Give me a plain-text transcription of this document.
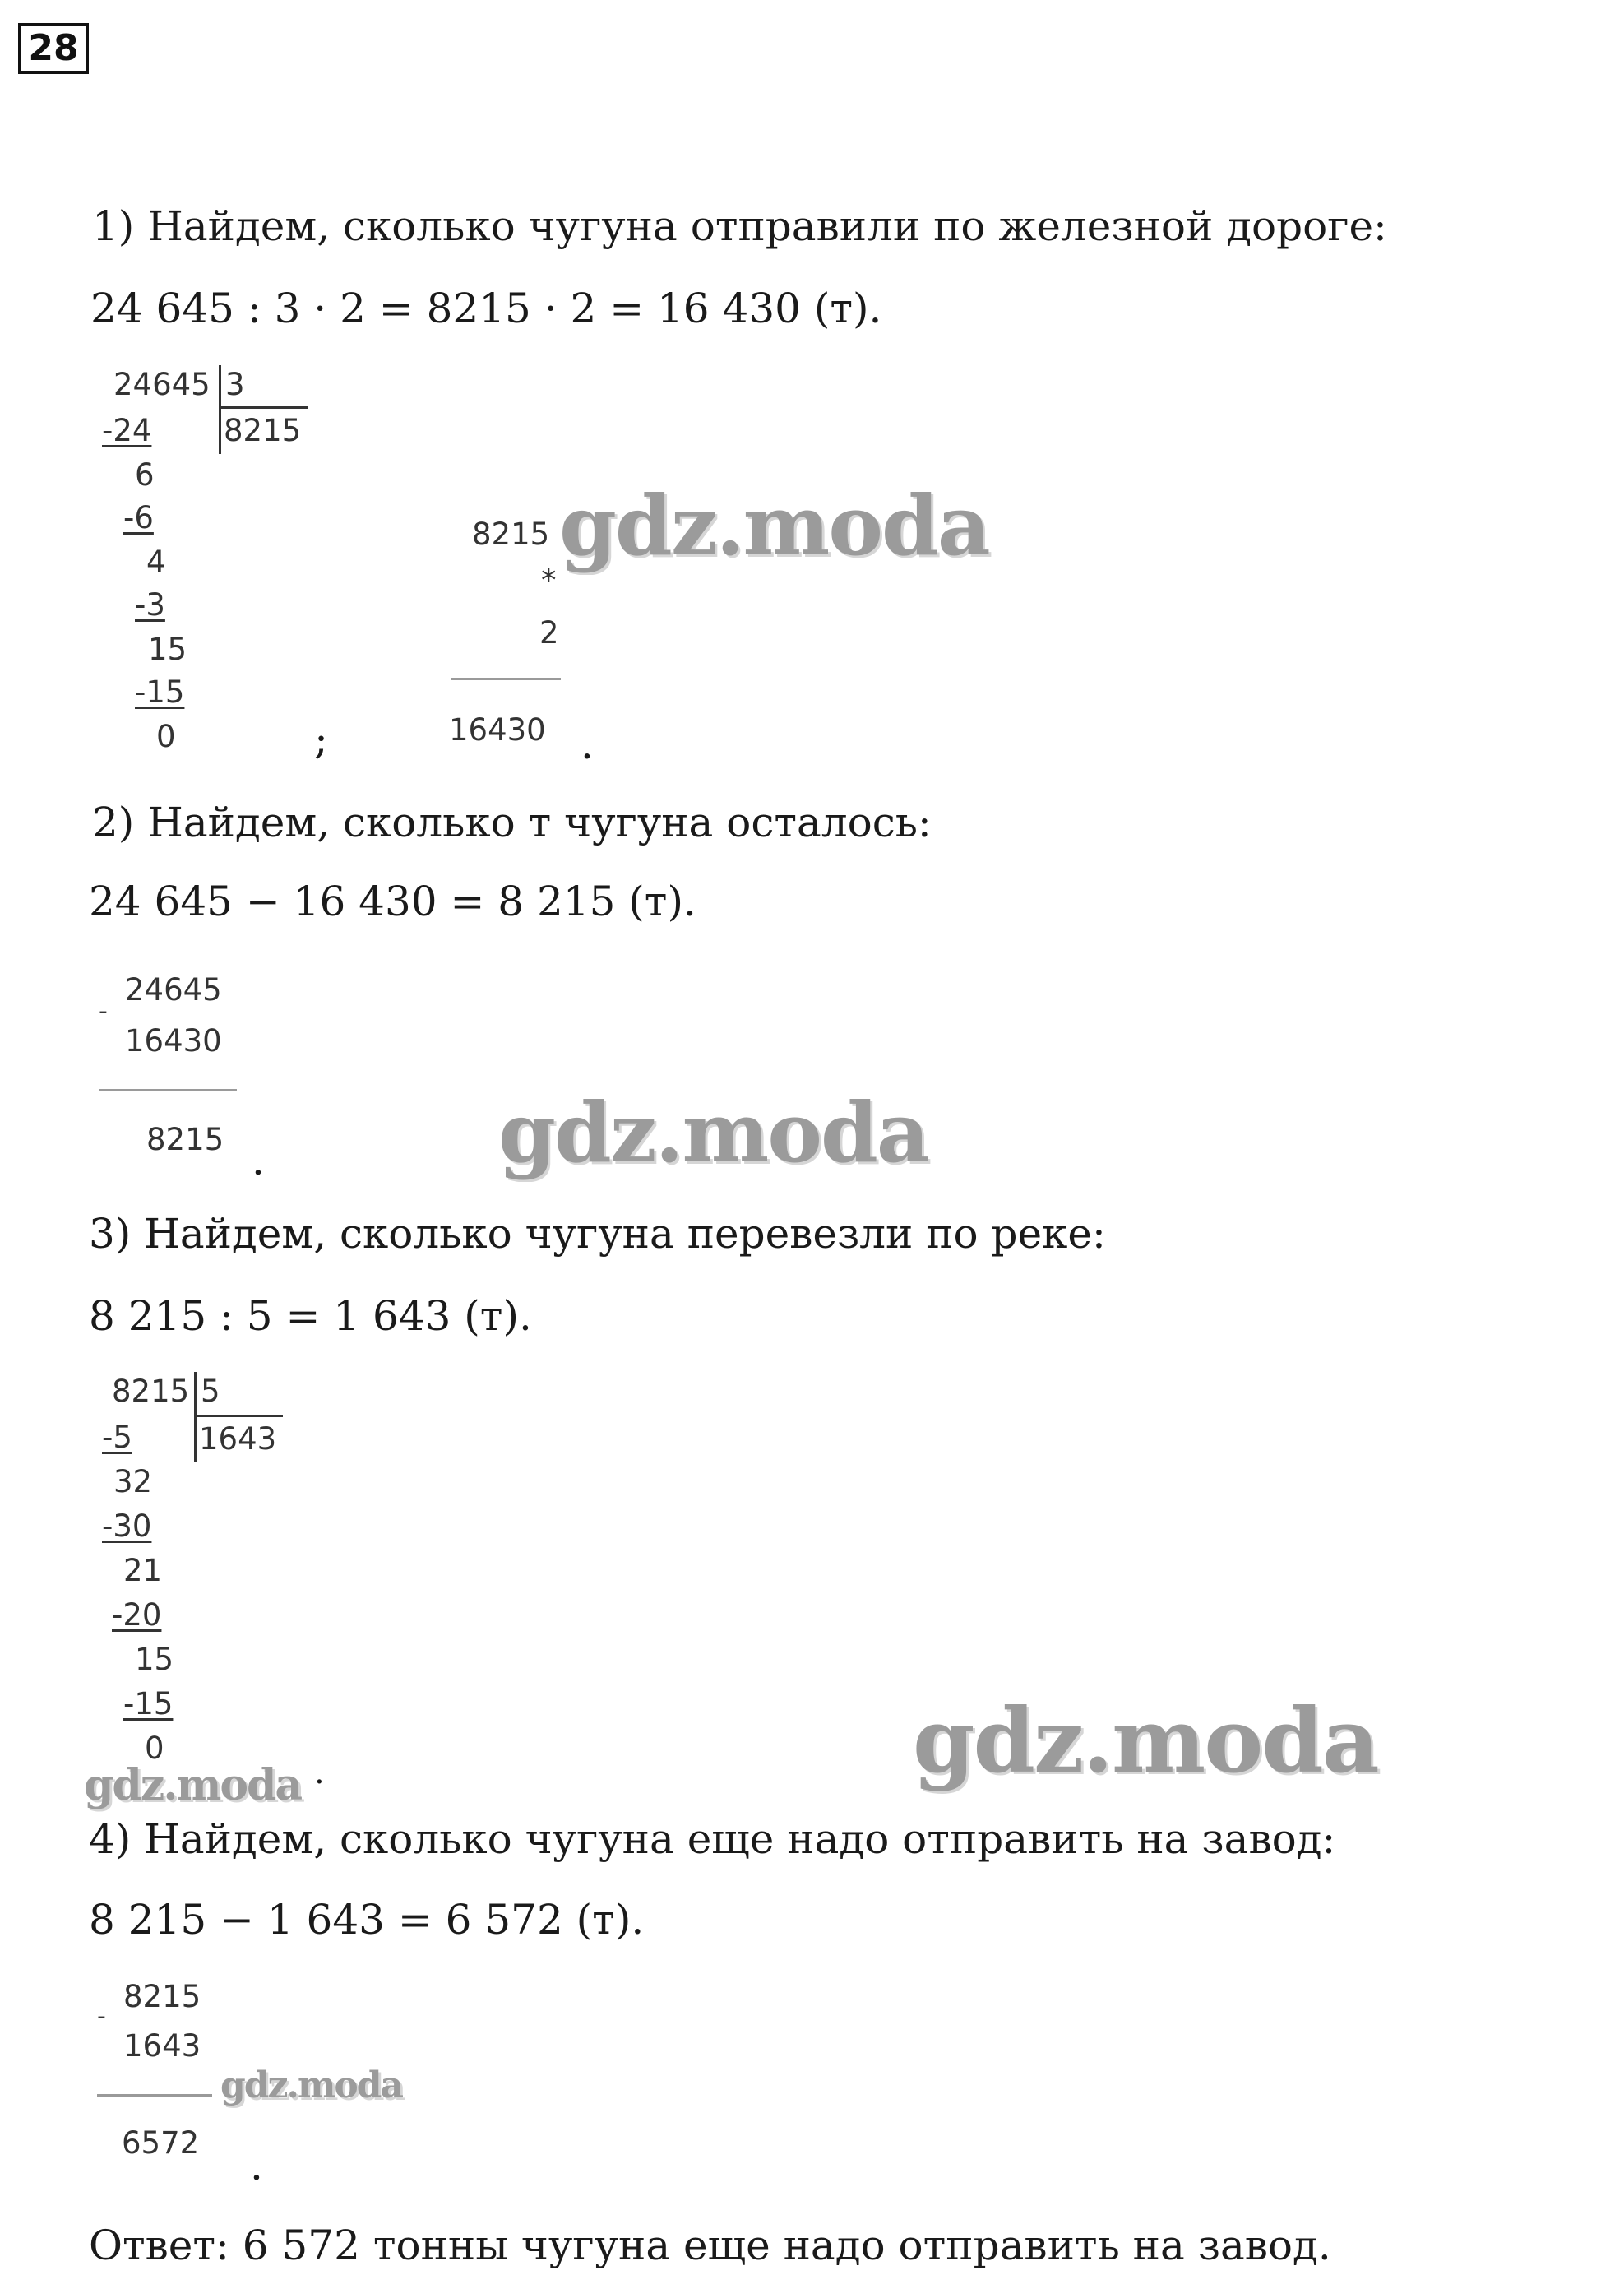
28
1) Найдем, сколько чугуна отправили по железной дороге:
24 645 : 3 · 2 = 8215 · 2 = 16 430 (т).
24645 3
8215
-24
6
-6
4
-3
15
-15
0	;
8215
*
2
16430 .
gdz.moda
2) Найдем, сколько т чугуна осталось:
24 645 − 16 430 = 8 215 (т).
-
24645
16430
8215 .	gdz.moda
3) Найдем, сколько чугуна перевезли по реке:
8 215 : 5 = 1 643 (т).
8215 5
1643
-5
32
-30
21
-20
15
-15
0
gdz.moda .	gdz.moda
4) Найдем, сколько чугуна еще надо отправить на завод:
8 215 − 1 643 = 6 572 (т).
-
8215
1643
6572
gdz.moda
.
Ответ: 6 572 тонны чугуна еще надо отправить на завод.
